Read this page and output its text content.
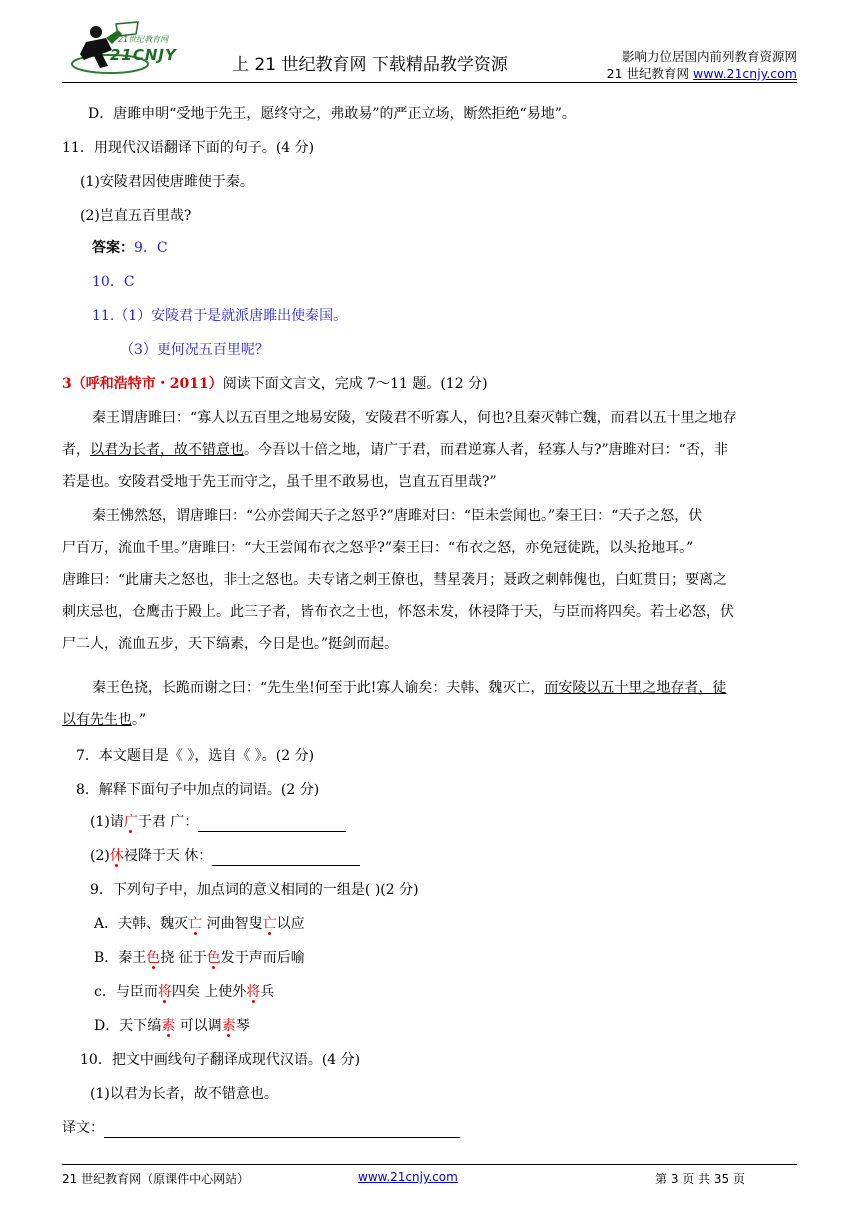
21世纪教育网
21CNJY	上 21 世纪教育网 下载精品教学资源	影响力位居国内前列教育资源网
21 世纪教育网 www.21cnjy.com
D．唐雎申明“受地于先王，愿终守之，弗敢易”的严正立场，断然拒绝“易地”。
11．用现代汉语翻译下面的句子。(4 分)
(1)安陵君因使唐雎使于秦。
(2)岂直五百里哉?
答案：9．C
10．C
11.（1）安陵君于是就派唐雎出使秦国。
（3）更何况五百里呢？
3（呼和浩特市・2011）阅读下面文言文，完成 7～11 题。(12 分)
秦王谓唐雎曰：“寡人以五百里之地易安陵，安陵君不听寡人，何也?且秦灭韩亡魏，而君以五十里之地存
者，以君为长者，故不错意也。今吾以十倍之地，请广于君，而君逆寡人者，轻寡人与?”唐雎对曰：“否，非
若是也。安陵君受地于先王而守之，虽千里不敢易也，岂直五百里哉?”
秦王怫然怒，谓唐雎曰：“公亦尝闻天子之怒乎?”唐雎对曰：“臣未尝闻也。”秦王曰：“天子之怒，伏
尸百万，流血千里。”唐雎曰：“大王尝闻布衣之怒乎?”秦王曰：“布衣之怒，亦免冠徒跣，以头抢地耳。”
唐雎曰：“此庸夫之怒也，非士之怒也。夫专诸之刺王僚也，彗星袭月；聂政之刺韩傀也，白虹贯日；要离之
刺庆忌也，仓鹰击于殿上。此三子者，皆布衣之士也，怀怒未发，休祲降于天，与臣而将四矣。若士必怒，伏
尸二人，流血五步，天下缟素，今日是也。”挺剑而起。
秦王色挠，长跪而谢之曰：“先生坐!何至于此!寡人谕矣：夫韩、魏灭亡，而安陵以五十里之地存者，徒
以有先生也。”
7．本文题目是《 》，选自《 》。(2 分)
8．解释下面句子中加点的词语。(2 分)
(1)请广于君 广：
(2)休祲降于天 休：
9．下列句子中，加点词的意义相同的一组是( )(2 分)
A．夫韩、魏灭亡 河曲智叟亡以应
B．秦王色挠 征于色发于声而后喻
c．与臣而将四矣 上使外将兵
D．天下缟素 可以调素琴
10．把文中画线句子翻译成现代汉语。(4 分)
(1)以君为长者，故不错意也。
译文：
21 世纪教育网（原课件中心网站）	www.21cnjy.com	第 3 页 共 35 页
